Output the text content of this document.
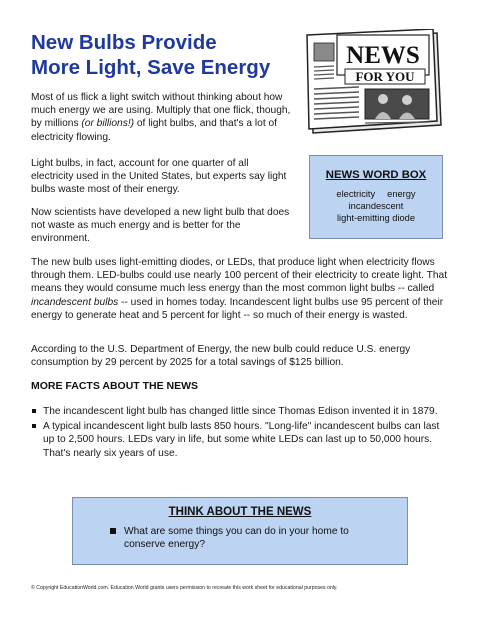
New Bulbs Provide
More Light, Save Energy	NEWS
FOR YOU

Most of us flick a light switch without thinking about how much energy we are using. Multiply that one flick, though, by millions (or billions!) of light bulbs, and that's a lot of electricity flowing.

Light bulbs, in fact, account for one quarter of all electricity used in the United States, but experts say light bulbs waste most of their energy.

Now scientists have developed a new light bulb that does not waste as much energy and is better for the environment.

NEWS WORD BOX
electricity energy
incandescent
light-emitting diode

The new bulb uses light-emitting diodes, or LEDs, that produce light when electricity flows through them. LED-bulbs could use nearly 100 percent of their electricity to create light. That means they would consume much less energy than the most common light bulbs -- called incandescent bulbs -- used in homes today. Incandescent light bulbs use 95 percent of their energy to generate heat and 5 percent for light -- so much of their energy is wasted.

According to the U.S. Department of Energy, the new bulb could reduce U.S. energy consumption by 29 percent by 2025 for a total savings of $125 billion.

MORE FACTS ABOUT THE NEWS
The incandescent light bulb has changed little since Thomas Edison invented it in 1879.
A typical incandescent light bulb lasts 850 hours. "Long-life" incandescent bulbs can last up to 2,500 hours. LEDs vary in life, but some white LEDs can last up to 50,000 hours. That's nearly six years of use.
THINK ABOUT THE NEWS
What are some things you can do in your home to conserve energy?

© Copyright EducationWorld.com. Education World grants users permission to recreate this work sheet for educational purposes only.
